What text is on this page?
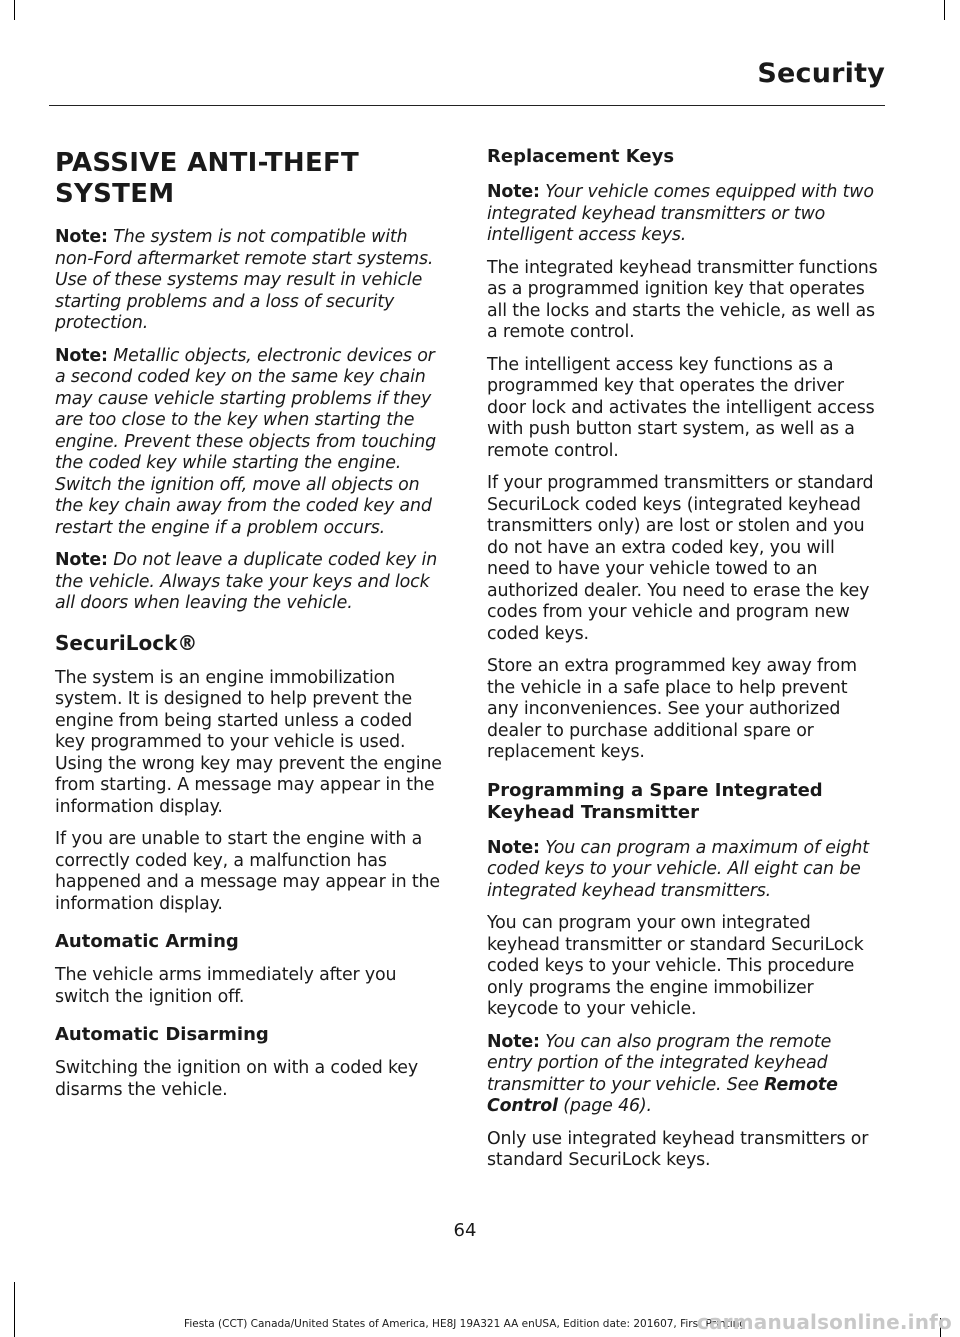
Security
PASSIVE ANTI-THEFT SYSTEM

Note: The system is not compatible with non-Ford aftermarket remote start systems. Use of these systems may result in vehicle starting problems and a loss of security protection.

Note: Metallic objects, electronic devices or a second coded key on the same key chain may cause vehicle starting problems if they are too close to the key when starting the engine. Prevent these objects from touching the coded key while starting the engine. Switch the ignition off, move all objects on the key chain away from the coded key and restart the engine if a problem occurs.

Note: Do not leave a duplicate coded key in the vehicle. Always take your keys and lock all doors when leaving the vehicle.

SecuriLock®

The system is an engine immobilization system. It is designed to help prevent the engine from being started unless a coded key programmed to your vehicle is used. Using the wrong key may prevent the engine from starting. A message may appear in the information display.

If you are unable to start the engine with a correctly coded key, a malfunction has happened and a message may appear in the information display.

Automatic Arming

The vehicle arms immediately after you switch the ignition off.

Automatic Disarming

Switching the ignition on with a coded key disarms the vehicle.

Replacement Keys

Note: Your vehicle comes equipped with two integrated keyhead transmitters or two intelligent access keys.

The integrated keyhead transmitter functions as a programmed ignition key that operates all the locks and starts the vehicle, as well as a remote control.

The intelligent access key functions as a programmed key that operates the driver door lock and activates the intelligent access with push button start system, as well as a remote control.

If your programmed transmitters or standard SecuriLock coded keys (integrated keyhead transmitters only) are lost or stolen and you do not have an extra coded key, you will need to have your vehicle towed to an authorized dealer. You need to erase the key codes from your vehicle and program new coded keys.

Store an extra programmed key away from the vehicle in a safe place to help prevent any inconveniences. See your authorized dealer to purchase additional spare or replacement keys.

Programming a Spare Integrated Keyhead Transmitter

Note: You can program a maximum of eight coded keys to your vehicle. All eight can be integrated keyhead transmitters.

You can program your own integrated keyhead transmitter or standard SecuriLock coded keys to your vehicle. This procedure only programs the engine immobilizer keycode to your vehicle.

Note: You can also program the remote entry portion of the integrated keyhead transmitter to your vehicle. See Remote Control (page 46).

Only use integrated keyhead transmitters or standard SecuriLock keys.

64
Fiesta (CCT) Canada/United States of America, HE8J 19A321 AA enUSA, Edition date: 201607, First Printing
carmanualsonline.info
